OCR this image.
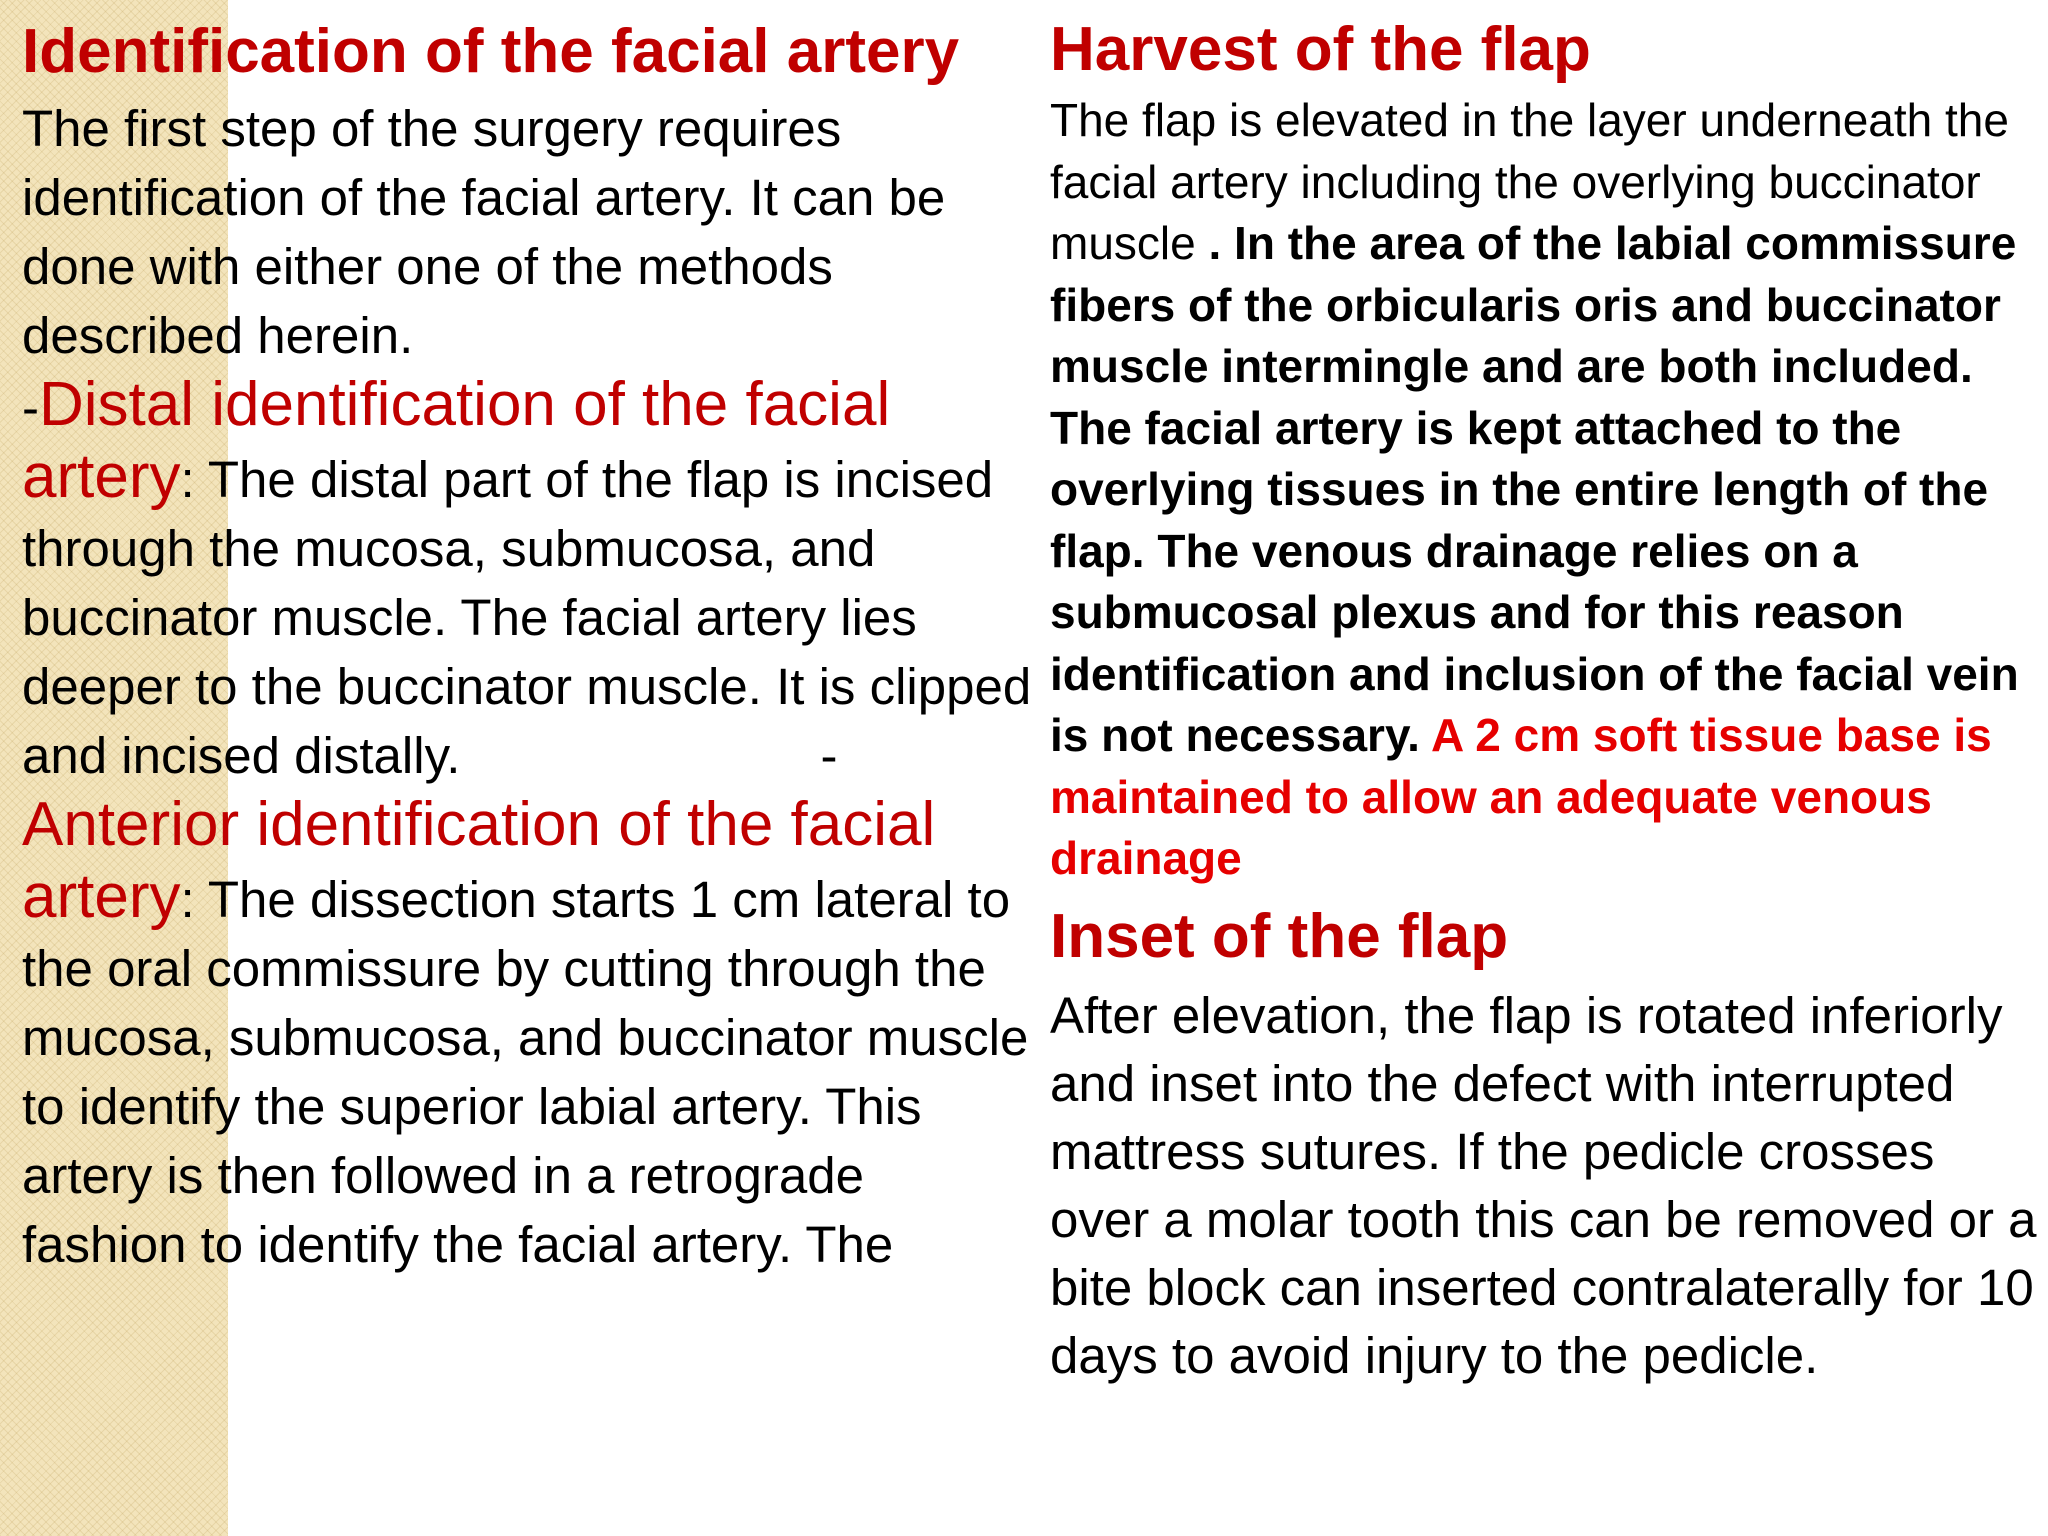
Identification of the facial artery

The first step of the surgery requires identification of the facial artery. It can be done with either one of the methods described herein.

-Distal identification of the facial artery: The distal part of the flap is incised through the mucosa, submucosa, and buccinator muscle. The facial artery lies deeper to the buccinator muscle. It is clipped and incised distally.	-

Anterior identification of the facial artery: The dissection starts 1 cm lateral to the oral commissure by cutting through the mucosa, submucosa, and buccinator muscle to identify the superior labial artery. This artery is then followed in a retrograde fashion to identify the facial artery. The

Harvest of the flap

The flap is elevated in the layer underneath the facial artery including the overlying buccinator muscle . In the area of the labial commissure fibers of the orbicularis oris and buccinator muscle intermingle and are both included. The facial artery is kept attached to the overlying tissues in the entire length of the flap. The venous drainage relies on a submucosal plexus and for this reason identification and inclusion of the facial vein is not necessary. A 2 cm soft tissue base is maintained to allow an adequate venous drainage

Inset of the flap

After elevation, the flap is rotated inferiorly and inset into the defect with interrupted mattress sutures. If the pedicle crosses over a molar tooth this can be removed or a bite block can inserted contralaterally for 10 days to avoid injury to the pedicle.
